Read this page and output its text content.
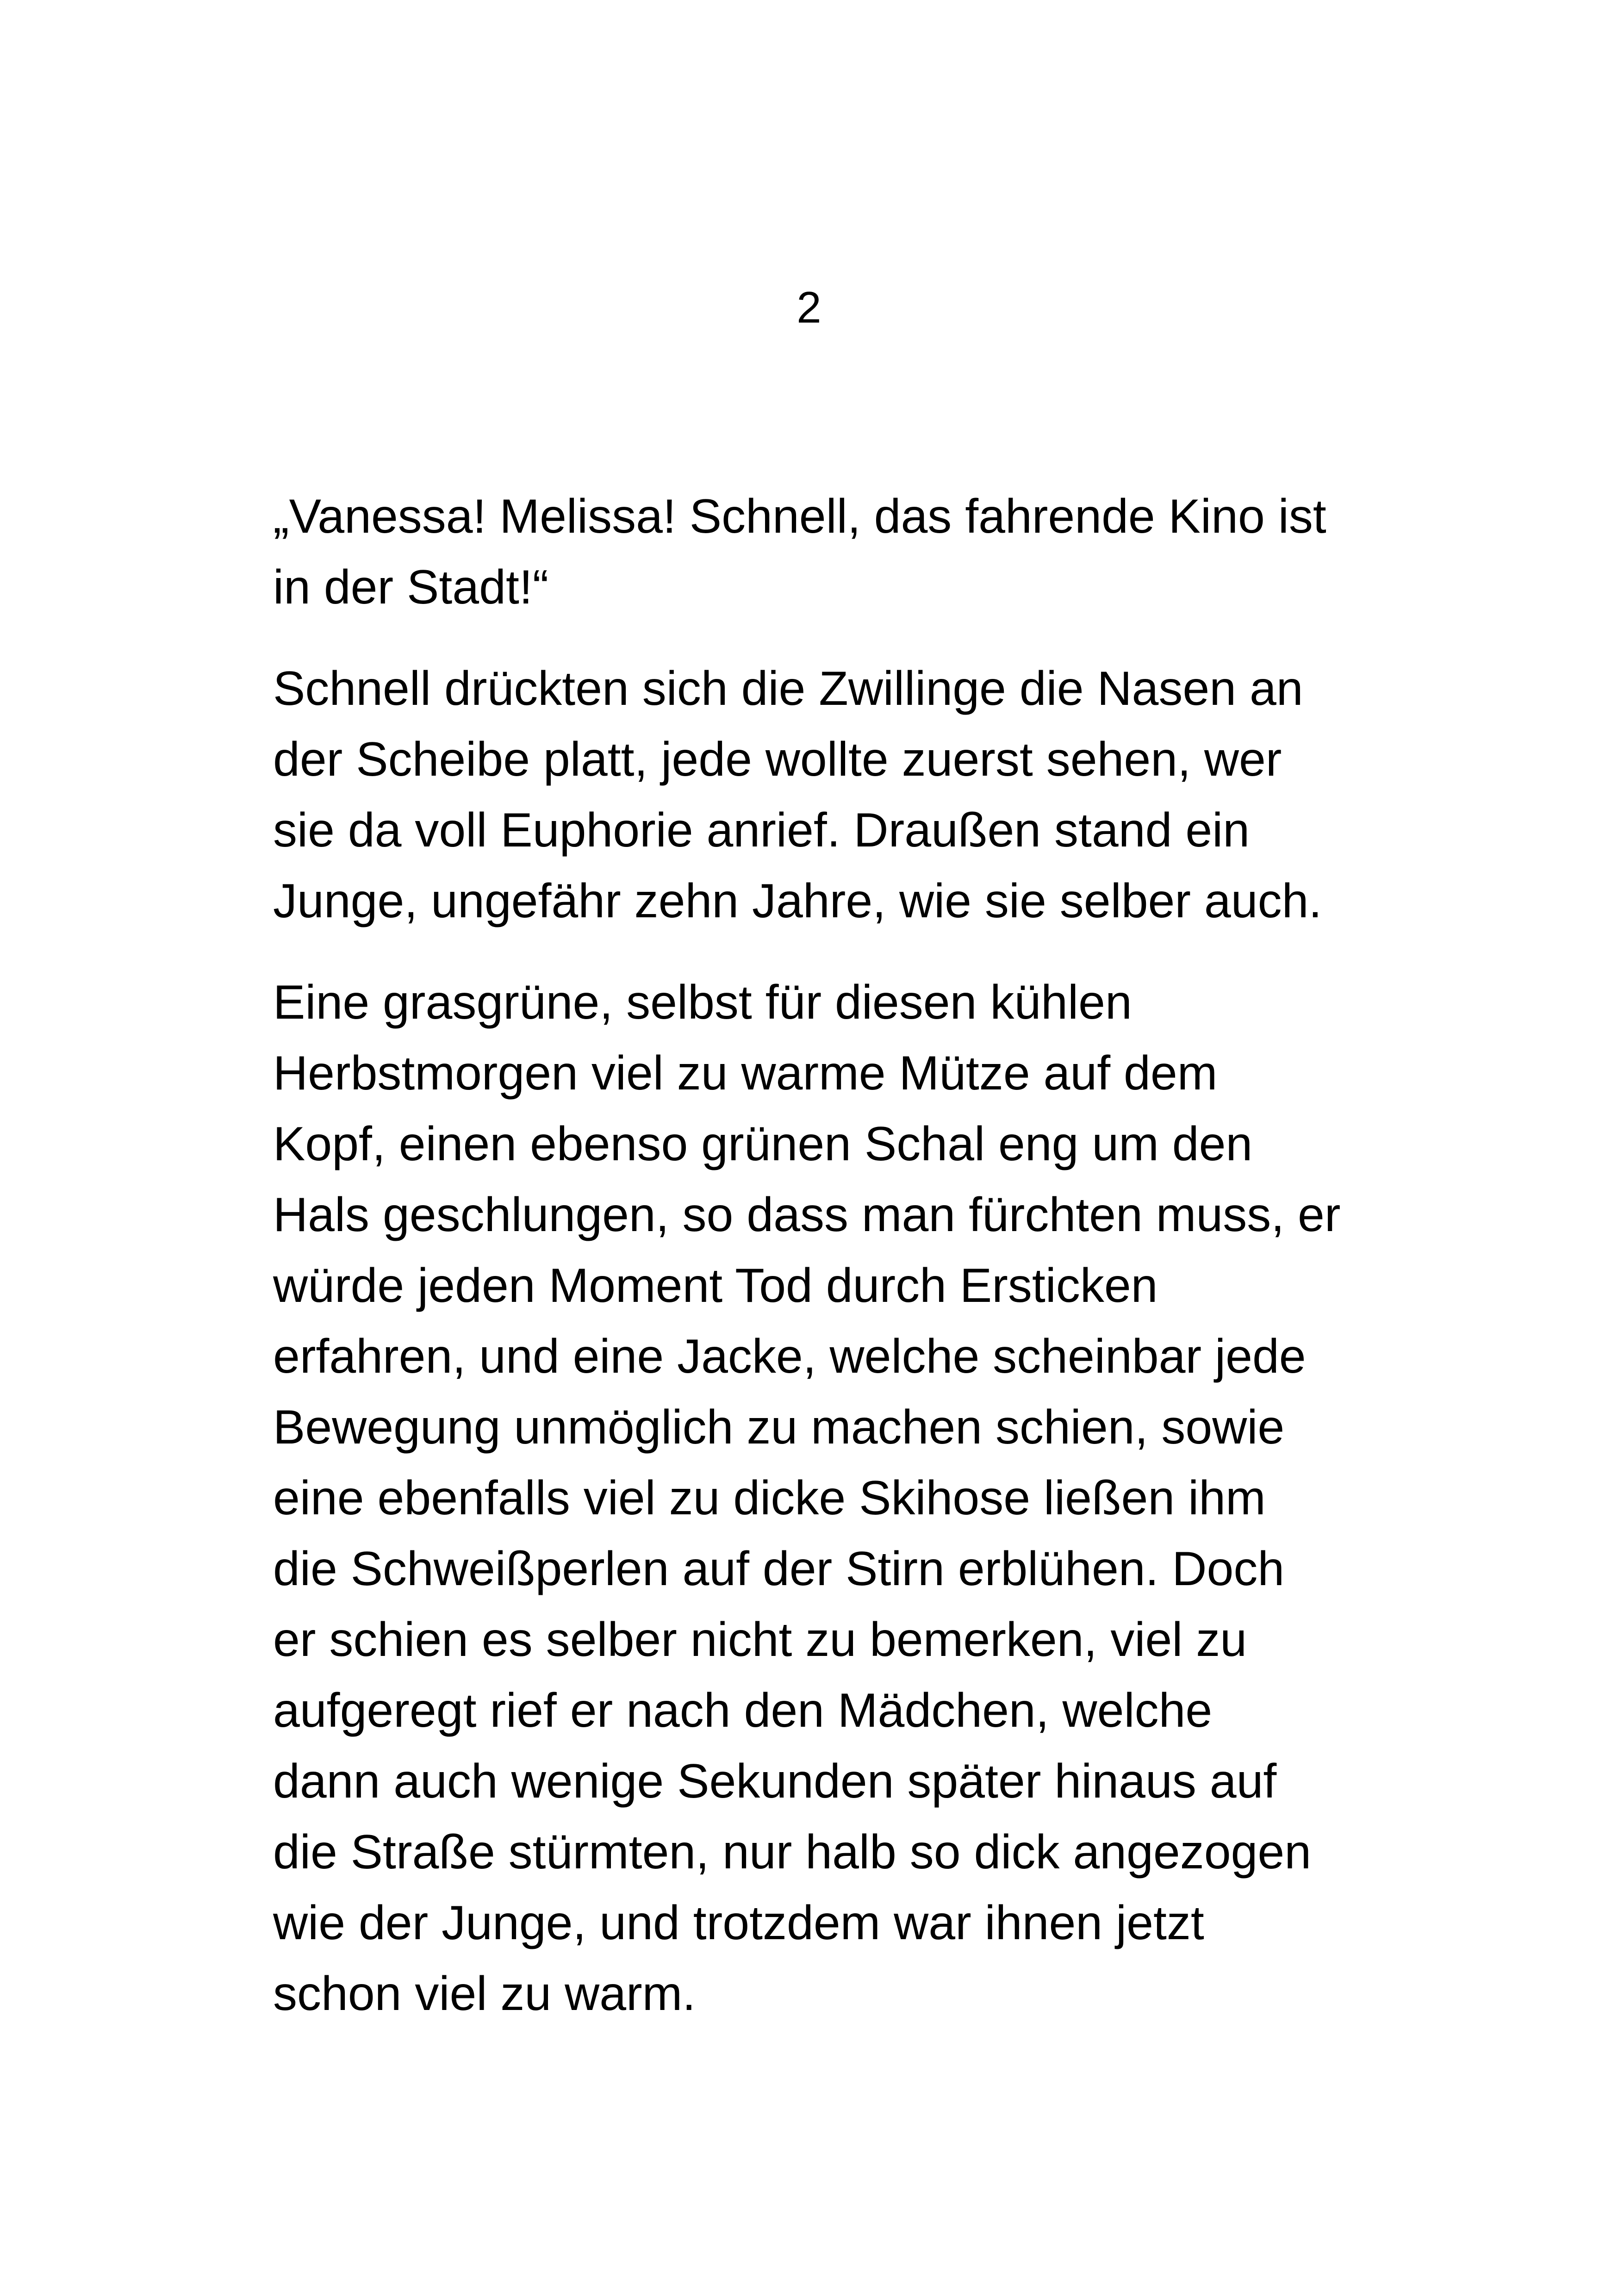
2

„Vanessa! Melissa! Schnell, das fahrende Kino ist
in der Stadt!“

Schnell drückten sich die Zwillinge die Nasen an
der Scheibe platt, jede wollte zuerst sehen, wer
sie da voll Euphorie anrief. Draußen stand ein
Junge, ungefähr zehn Jahre, wie sie selber auch.

Eine grasgrüne, selbst für diesen kühlen
Herbstmorgen viel zu warme Mütze auf dem
Kopf, einen ebenso grünen Schal eng um den
Hals geschlungen, so dass man fürchten muss, er
würde jeden Moment Tod durch Ersticken
erfahren, und eine Jacke, welche scheinbar jede
Bewegung unmöglich zu machen schien, sowie
eine ebenfalls viel zu dicke Skihose ließen ihm
die Schweißperlen auf der Stirn erblühen. Doch
er schien es selber nicht zu bemerken, viel zu
aufgeregt rief er nach den Mädchen, welche
dann auch wenige Sekunden später hinaus auf
die Straße stürmten, nur halb so dick angezogen
wie der Junge, und trotzdem war ihnen jetzt
schon viel zu warm.
